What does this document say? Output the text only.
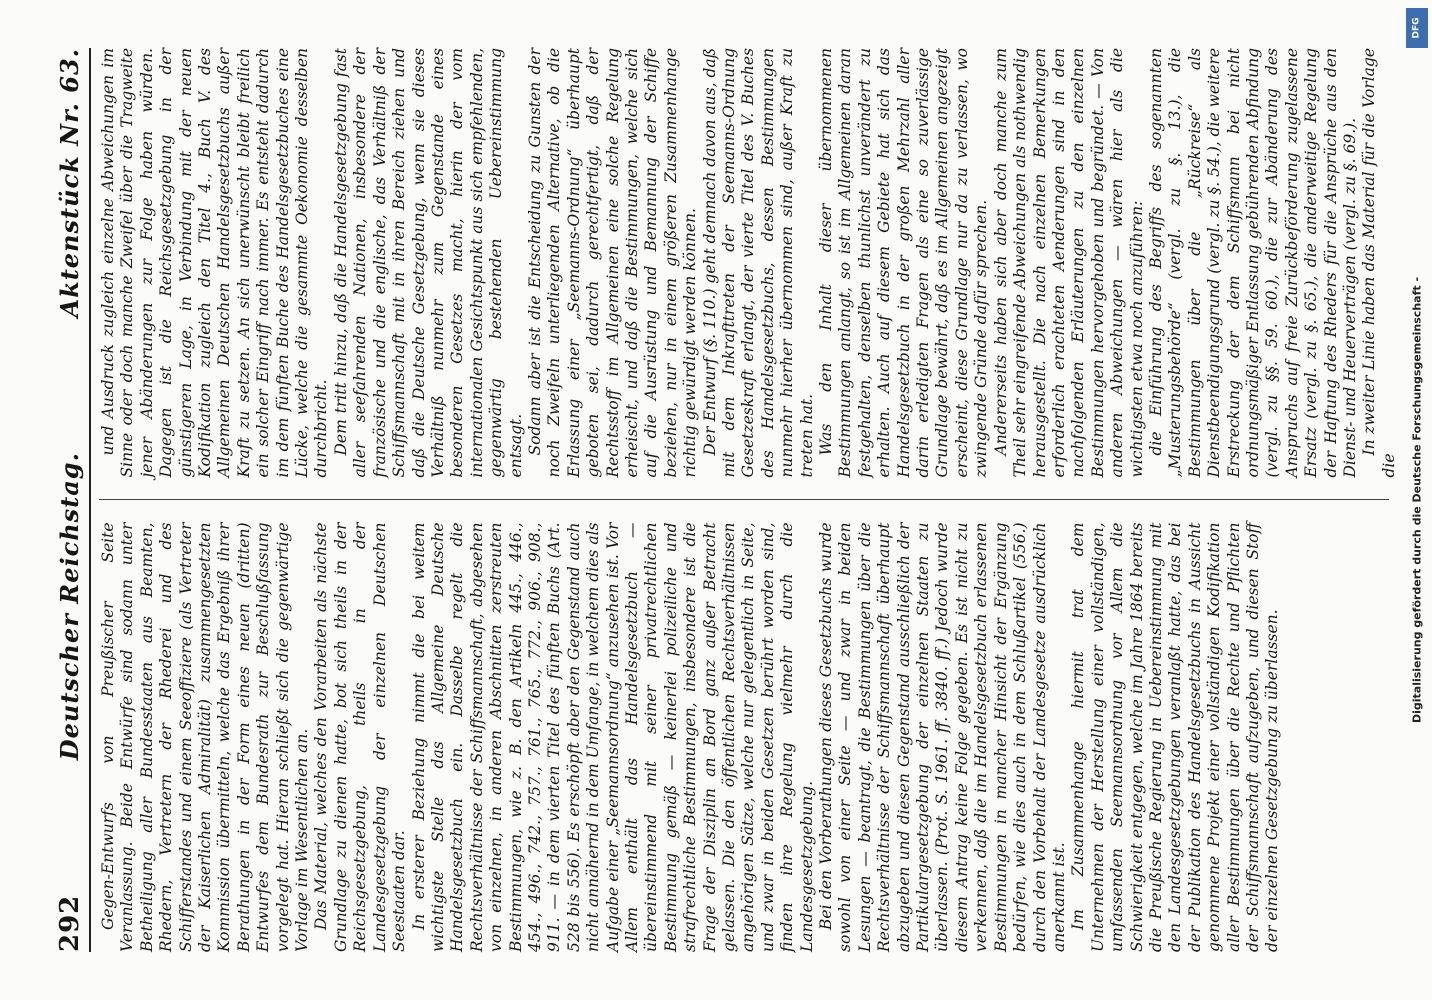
292
Deutscher Reichstag.
Aktenstück Nr. 63.

Gegen-Entwurfs von Preußischer Seite Veranlassung. Beide Entwürfe sind sodann unter Betheiligung aller Bundesstaaten aus Beamten, Rhedern, Vertretern der Rhederei und des Schifferstandes und einem Seeoffiziere (als Vertreter der Kaiserlichen Admiralität) zusammengesetzten Kommission übermitteln, welche das Ergebniß ihrer Berathungen in der Form eines neuen (dritten) Entwurfes dem Bundesrath zur Beschlußfassung vorgelegt hat. Hieran schließt sich die gegenwärtige Vorlage im Wesentlichen an. Das Material, welches den Vorarbeiten als nächste Grundlage zu dienen hatte, bot sich theils in der Reichsgesetzgebung, theils in der Landesgesetzgebung der einzelnen Deutschen Seestaaten dar. In ersterer Beziehung nimmt die bei weitem wichtigste Stelle das Allgemeine Deutsche Handelsgesetzbuch ein. Dasselbe regelt die Rechtsverhältnisse der Schiffsmannschaft, abgesehen von einzelnen, in anderen Abschnitten zerstreuten Bestimmungen, wie z. B. den Artikeln 445., 446., 454., 496., 742., 757., 761., 765., 772., 906., 908., 911. — in dem vierten Titel des fünften Buchs (Art. 528 bis 556). Es erschöpft aber den Gegenstand auch nicht annähernd in dem Umfange, in welchem dies als Aufgabe einer „Seemannsordnung“ anzusehen ist. Vor Allem enthält das Handelsgesetzbuch — übereinstimmend mit seiner privatrechtlichen Bestimmung gemäß — keinerlei polizeiliche und strafrechtliche Bestimmungen, insbesondere ist die Frage der Disziplin an Bord ganz außer Betracht gelassen. Die den öffentlichen Rechtsverhältnissen angehörigen Sätze, welche nur gelegentlich in Seite, und zwar in beiden Gesetzen berührt worden sind, finden ihre Regelung vielmehr durch die Landesgesetzgebung. Bei den Vorberathungen dieses Gesetzbuchs wurde sowohl von einer Seite — und zwar in beiden Lesungen — beantragt, die Bestimmungen über die Rechtsverhältnisse der Schiffsmannschaft überhaupt abzugeben und diesen Gegenstand ausschließlich der Partikulargesetzgebung der einzelnen Staaten zu überlassen. (Prot. S. 1961. ff. 3840. ff.) Jedoch wurde diesem Antrag keine Folge gegeben. Es ist nicht zu verkennen, daß die im Handelsgesetzbuch erlassenen Bestimmungen in mancher Hinsicht der Ergänzung bedürfen, wie dies auch in dem Schlußartikel (556.) durch den Vorbehalt der Landesgesetze ausdrücklich anerkannt ist. Im Zusammenhange hiermit trat dem Unternehmen der Herstellung einer vollständigen, umfassenden Seemannsordnung vor Allem die Schwierigkeit entgegen, welche im Jahre 1864 bereits die Preußische Regierung in Uebereinstimmung mit den Landesgesetzgebungen veranlaßt hatte, das bei der Publikation des Handelsgesetzbuchs in Aussicht genommene Projekt einer vollständigen Kodifikation aller Bestimmungen über die Rechte und Pflichten der Schiffsmannschaft aufzugeben, und diesen Stoff der einzelnen Gesetzgebung zu überlassen.

und Ausdruck zugleich einzelne Abweichungen im Sinne oder doch manche Zweifel über die Tragweite jener Abänderungen zur Folge haben würden. Dagegen ist die Reichsgesetzgebung in der günstigeren Lage, in Verbindung mit der neuen Kodifikation zugleich den Titel 4., Buch V. des Allgemeinen Deutschen Handelsgesetzbuchs außer Kraft zu setzen. An sich unerwünscht bleibt freilich ein solcher Eingriff nach immer. Es entsteht dadurch im dem fünften Buche des Handelsgesetzbuches eine Lücke, welche die gesammte Oekonomie desselben durchbricht. Dem tritt hinzu, daß die Handelsgesetzgebung fast aller seefahrenden Nationen, insbesondere der französische und die englische, das Verhältniß der Schiffsmannschaft mit in ihren Bereich ziehen und daß die Deutsche Gesetzgebung, wenn sie dieses Verhältniß nunmehr zum Gegenstande eines besonderen Gesetzes macht, hierin der vom internationalen Gesichtspunkt aus sich empfehlenden, gegenwärtig bestehenden Uebereinstimmung entsagt. Sodann aber ist die Entscheidung zu Gunsten der noch Zweifeln unterliegenden Alternative, ob die Erlassung einer „Seemanns-Ordnung“ überhaupt geboten sei, dadurch gerechtfertigt, daß der Rechtsstoff im Allgemeinen eine solche Regelung erheischt, und daß die Bestimmungen, welche sich auf die Ausrüstung und Bemannung der Schiffe beziehen, nur in einem größeren Zusammenhange richtig gewürdigt werden können. Der Entwurf (§. 110.) geht demnach davon aus, daß mit dem Inkrafttreten der Seemanns-Ordnung Gesetzeskraft erlangt, der vierte Titel des V. Buches des Handelsgesetzbuchs, dessen Bestimmungen nunmehr hierher übernommen sind, außer Kraft zu treten hat. Was den Inhalt dieser übernommenen Bestimmungen anlangt, so ist im Allgemeinen daran festgehalten, denselben thunlichst unverändert zu erhalten. Auch auf diesem Gebiete hat sich das Handelsgesetzbuch in der großen Mehrzahl aller darin erledigten Fragen als eine so zuverlässige Grundlage bewährt, daß es im Allgemeinen angezeigt erscheint, diese Grundlage nur da zu verlassen, wo zwingende Gründe dafür sprechen. Andererseits haben sich aber doch manche zum Theil sehr eingreifende Abweichungen als nothwendig herausgestellt. Die nach einzelnen Bemerkungen erforderlich erachteten Aenderungen sind in den nachfolgenden Erläuterungen zu den einzelnen Bestimmungen hervorgehoben und begründet. — Von anderen Abweichungen — wären hier als die wichtigsten etwa noch anzuführen: die Einführung des Begriffs des sogenannten „Musterungsbehörde“ (vergl. zu §. 13.), die Bestimmungen über die „Rückreise“ als Dienstbeendigungsgrund (vergl. zu §. 54.), die weitere Erstreckung der dem Schiffsmann bei nicht ordnungsmäßiger Entlassung gebührenden Abfindung (vergl. zu §§. 59. 60.), die zur Abänderung des Anspruchs auf freie Zurückbeförderung zugelassene Ersatz (vergl. zu §. 65.), die anderweitige Regelung der Haftung des Rheders für die Ansprüche aus den Dienst- und Heuerverträgen (vergl. zu §. 69.). In zweiter Linie haben das Material für die Vorlage die

DFG
Digitalisierung gefördert durch die Deutsche Forschungsgemeinschaft -
